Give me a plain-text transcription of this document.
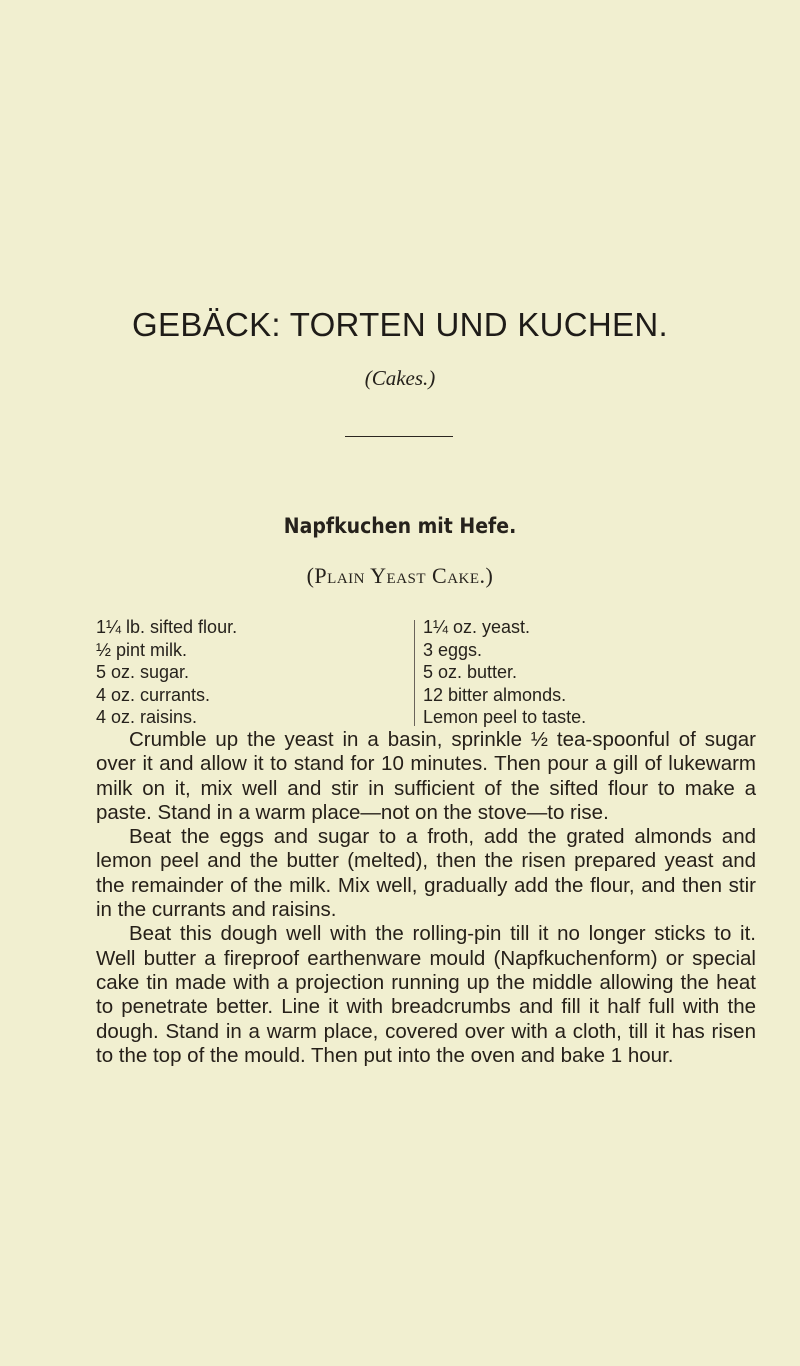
GEBÄCK: TORTEN UND KUCHEN.
(Cakes.)
Napfkuchen mit Hefe.
(Plain Yeast Cake.)
1¼ lb. sifted flour.
½ pint milk.
5 oz. sugar.
4 oz. currants.
4 oz. raisins.
1¼ oz. yeast.
3 eggs.
5 oz. butter.
12 bitter almonds.
Lemon peel to taste.

Crumble up the yeast in a basin, sprinkle ½ tea-spoonful of sugar over it and allow it to stand for 10 minutes. Then pour a gill of lukewarm milk on it, mix well and stir in sufficient of the sifted flour to make a paste. Stand in a warm place—not on the stove—to rise.

Beat the eggs and sugar to a froth, add the grated almonds and lemon peel and the butter (melted), then the risen prepared yeast and the remainder of the milk. Mix well, gradually add the flour, and then stir in the currants and raisins.

Beat this dough well with the rolling-pin till it no longer sticks to it. Well butter a fireproof earthenware mould (Napfkuchenform) or special cake tin made with a projection running up the middle allowing the heat to penetrate better. Line it with breadcrumbs and fill it half full with the dough. Stand in a warm place, covered over with a cloth, till it has risen to the top of the mould. Then put into the oven and bake 1 hour.
